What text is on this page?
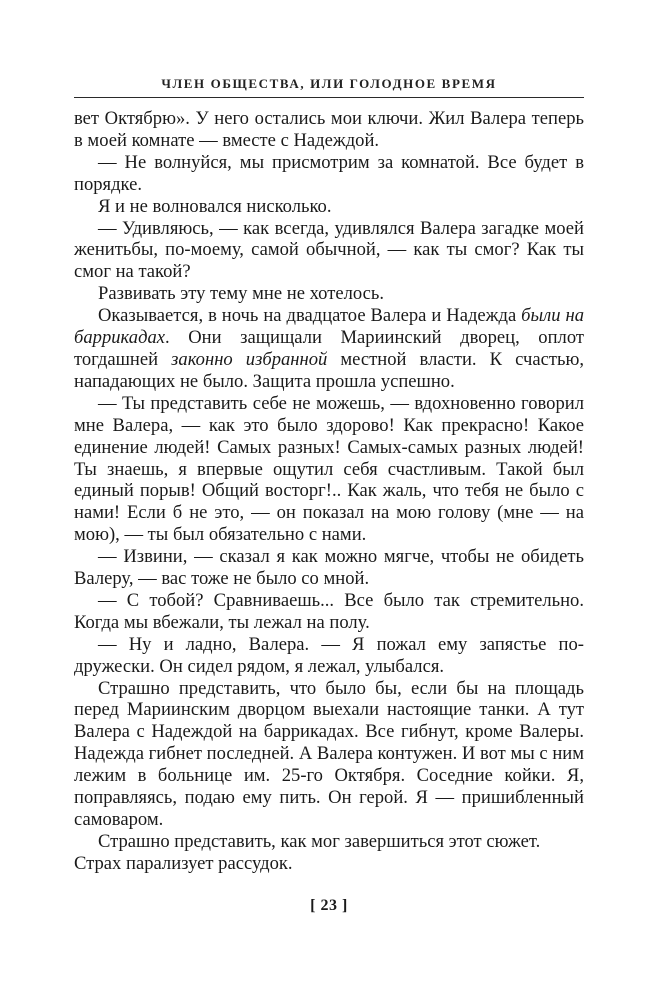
ЧЛЕН ОБЩЕСТВА, ИЛИ ГОЛОДНОЕ ВРЕМЯ

вет Октябрю». У него остались мои ключи. Жил Валера теперь в моей комнате — вместе с Надеждой.

— Не волнуйся, мы присмотрим за комнатой. Все будет в порядке.

Я и не волновался нисколько.

— Удивляюсь, — как всегда, удивлялся Валера загадке моей женитьбы, по-моему, самой обычной, — как ты смог? Как ты смог на такой?

Развивать эту тему мне не хотелось.

Оказывается, в ночь на двадцатое Валера и Надежда были на баррикадах. Они защищали Мариинский дворец, оплот тогдашней законно избранной местной власти. К счастью, нападающих не было. Защита прошла успешно.

— Ты представить себе не можешь, — вдохновенно говорил мне Валера, — как это было здорово! Как прекрасно! Какое единение людей! Самых разных! Самых-самых разных людей! Ты знаешь, я впервые ощутил себя счастливым. Такой был единый порыв! Общий восторг!.. Как жаль, что тебя не было с нами! Если б не это, — он показал на мою голову (мне — на мою), — ты был обязательно с нами.

— Извини, — сказал я как можно мягче, чтобы не обидеть Валеру, — вас тоже не было со мной.

— С тобой? Сравниваешь... Все было так стремительно. Когда мы вбежали, ты лежал на полу.

— Ну и ладно, Валера. — Я пожал ему запястье по-дружески. Он сидел рядом, я лежал, улыбался.

Страшно представить, что было бы, если бы на площадь перед Мариинским дворцом выехали настоящие танки. А тут Валера с Надеждой на баррикадах. Все гибнут, кроме Валеры. Надежда гибнет последней. А Валера контужен. И вот мы с ним лежим в больнице им. 25-го Октября. Соседние койки. Я, поправляясь, подаю ему пить. Он герой. Я — пришибленный самоваром.

Страшно представить, как мог завершиться этот сюжет. Страх парализует рассудок.

[ 23 ]
